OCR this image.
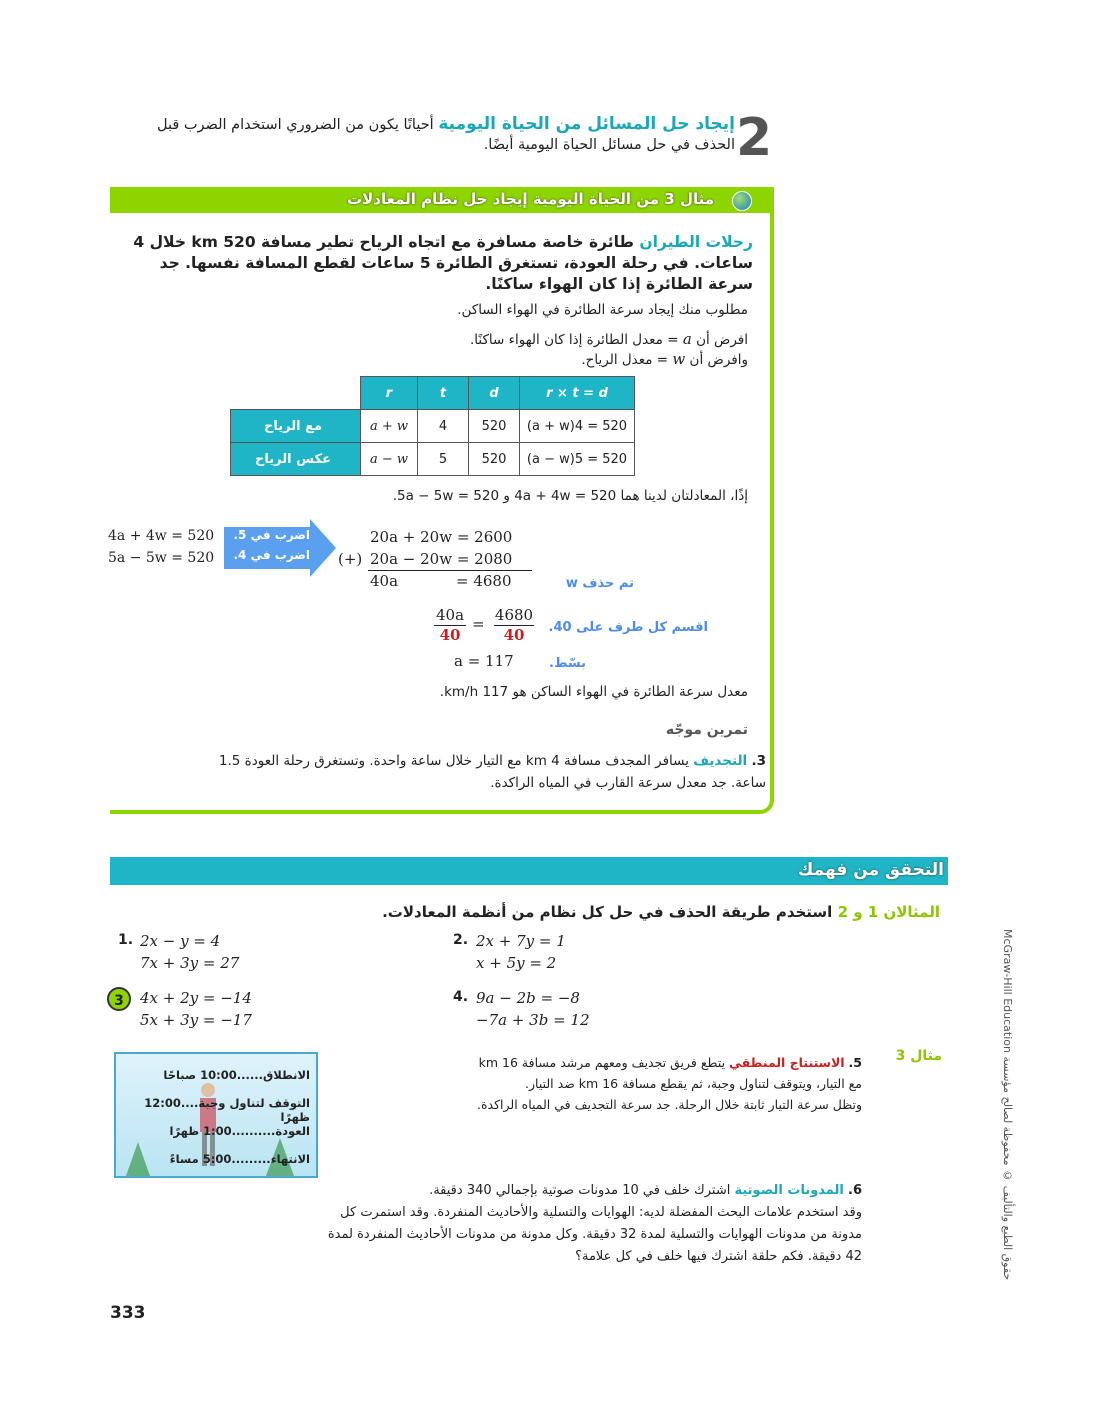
2
إيجاد حل المسائل من الحياة اليومية أحيانًا يكون من الضروري استخدام الضرب قبل
الحذف في حل مسائل الحياة اليومية أيضًا.
مثال 3 من الحياة اليومية إيجاد حل نظام المعادلات
رحلات الطيران طائرة خاصة مسافرة مع اتجاه الرياح تطير مسافة 520 km خلال 4
ساعات. في رحلة العودة، تستغرق الطائرة 5 ساعات لقطع المسافة نفسها. جد
سرعة الطائرة إذا كان الهواء ساكنًا.
مطلوب منك إيجاد سرعة الطائرة في الهواء الساكن.
افرض أن a = معدل الطائرة إذا كان الهواء ساكنًا.
وافرض أن w = معدل الرياح.
	r	t	d	r × t = d
مع الرياح	a + w	4	520	(a + w)4 = 520
عكس الرياح	a − w	5	520	(a − w)5 = 520
إذًا، المعادلتان لدينا هما 4a + 4w = 520 و 5a − 5w = 520.
4a + 4w = 520
5a − 5w = 520
اضرب في 5.
اضرب في 4.
20a + 20w = 2600
(+) 20a − 20w = 2080
40a	= 4680	تم حذف w
40a
40
= 4680
40	اقسم كل طرف على 40.
a = 117	بسّط.
معدل سرعة الطائرة في الهواء الساكن هو 117 km/h.
تمرين موجّه
3. التجديف يسافر المجدف مسافة 4 km مع التيار خلال ساعة واحدة. وتستغرق رحلة العودة 1.5
ساعة. جد معدل سرعة القارب في المياه الراكدة.
التحقق من فهمك
حقوق الطبع والتأليف © محفوظة لصالح مؤسسة McGraw-Hill Education
المثالان 1 و 2 استخدم طريقة الحذف في حل كل نظام من أنظمة المعادلات.
1. 2x − y = 4
7x + 3y = 27
2. 2x + 7y = 1
x + 5y = 2
3	4x + 2y = −14
5x + 3y = −17
4. 9a − 2b = −8
−7a + 3b = 12
مثال 3
5. الاستنتاج المنطقي يتطع فريق تجديف ومعهم مرشد مسافة 16 km
مع التيار، ويتوقف لتناول وجبة، ثم يقطع مسافة 16 km ضد التيار.
وتظل سرعة التيار ثابتة خلال الرحلة. جد سرعة التجديف في المياه الراكدة.
الانطلاق......10:00 صباحًا
التوقف لتناول وجبة....12:00 ظهرًا
العودة..........1:00 ظهرًا
الانتهاء.........5:00 مساءً
6. المدونات الصوتية اشترك خلف في 10 مدونات صوتية بإجمالي 340 دقيقة.
وقد استخدم علامات البحث المفضلة لديه: الهوايات والتسلية والأحاديث المنفردة. وقد استمرت كل
مدونة من مدونات الهوايات والتسلية لمدة 32 دقيقة. وكل مدونة من مدونات الأحاديث المنفردة لمدة
42 دقيقة. فكم حلقة اشترك فيها خلف في كل علامة؟
333
